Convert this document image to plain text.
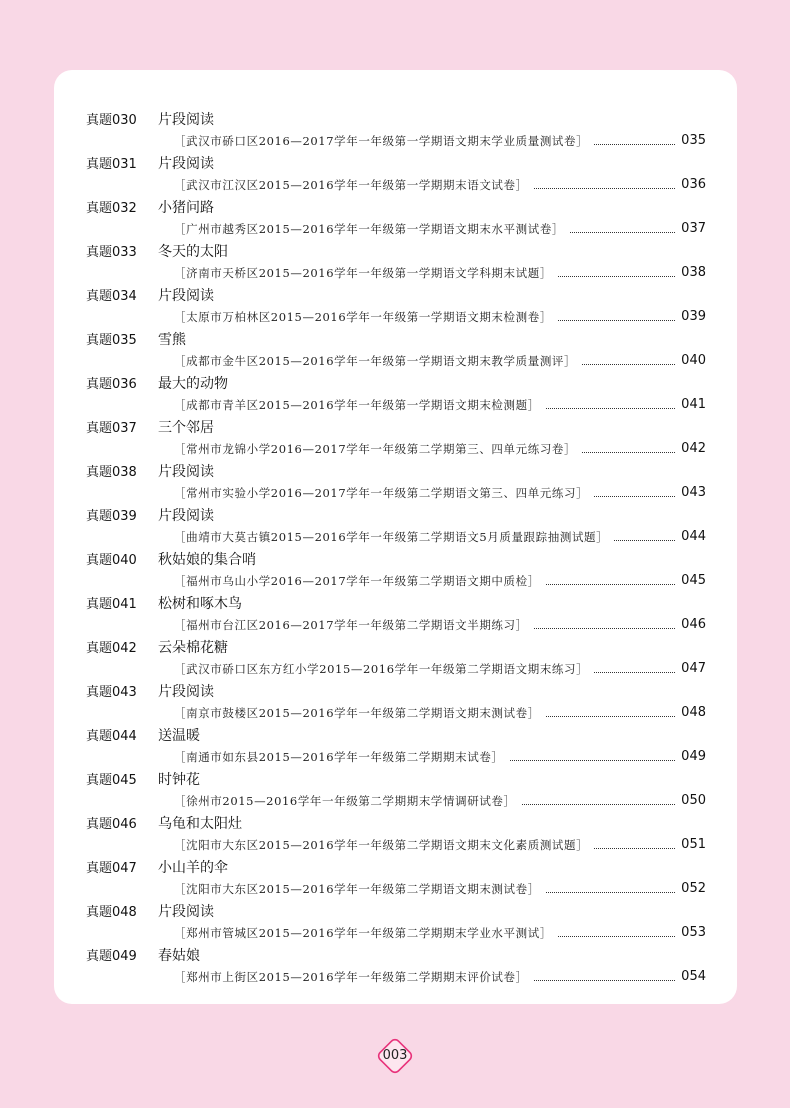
真题030 片段阅读
［武汉市硚口区2016—2017学年一年级第一学期语文期末学业质量测试卷］	035
真题031 片段阅读
［武汉市江汉区2015—2016学年一年级第一学期期末语文试卷］	036
真题032 小猪问路
［广州市越秀区2015—2016学年一年级第一学期语文期末水平测试卷］	037
真题033 冬天的太阳
［济南市天桥区2015—2016学年一年级第一学期语文学科期末试题］	038
真题034 片段阅读
［太原市万柏林区2015—2016学年一年级第一学期语文期末检测卷］	039
真题035 雪熊
［成都市金牛区2015—2016学年一年级第一学期语文期末教学质量测评］	040
真题036 最大的动物
［成都市青羊区2015—2016学年一年级第一学期语文期末检测题］	041
真题037 三个邻居
［常州市龙锦小学2016—2017学年一年级第二学期第三、四单元练习卷］	042
真题038 片段阅读
［常州市实验小学2016—2017学年一年级第二学期语文第三、四单元练习］	043
真题039 片段阅读
［曲靖市大莫古镇2015—2016学年一年级第二学期语文5月质量跟踪抽测试题］	044
真题040 秋姑娘的集合哨
［福州市乌山小学2016—2017学年一年级第二学期语文期中质检］	045
真题041 松树和啄木鸟
［福州市台江区2016—2017学年一年级第二学期语文半期练习］	046
真题042 云朵棉花糖
［武汉市硚口区东方红小学2015—2016学年一年级第二学期语文期末练习］	047
真题043 片段阅读
［南京市鼓楼区2015—2016学年一年级第二学期语文期末测试卷］	048
真题044 送温暖
［南通市如东县2015—2016学年一年级第二学期期末试卷］	049
真题045 时钟花
［徐州市2015—2016学年一年级第二学期期末学情调研试卷］	050
真题046 乌龟和太阳灶
［沈阳市大东区2015—2016学年一年级第二学期语文期末文化素质测试题］	051
真题047 小山羊的伞
［沈阳市大东区2015—2016学年一年级第二学期语文期末测试卷］	052
真题048 片段阅读
［郑州市管城区2015—2016学年一年级第二学期期末学业水平测试］	053
真题049 春姑娘
［郑州市上街区2015—2016学年一年级第二学期期末评价试卷］	054
003
